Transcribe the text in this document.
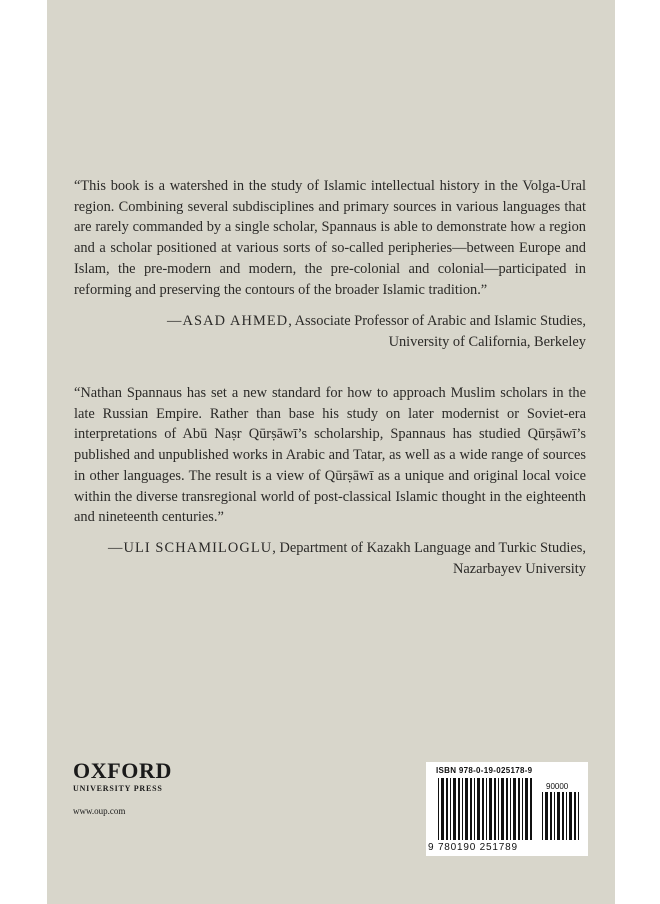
“This book is a watershed in the study of Islamic intellectual history in the Volga-Ural region. Combining several subdisciplines and primary sources in various languages that are rarely commanded by a single scholar, Spannaus is able to demonstrate how a region and a scholar positioned at various sorts of so-called peripheries—between Europe and Islam, the pre-modern and modern, the pre-colonial and colonial—participated in reforming and preserving the contours of the broader Islamic tradition.”

—ASAD AHMED, Associate Professor of Arabic and Islamic Studies,
University of California, Berkeley

“Nathan Spannaus has set a new standard for how to approach Muslim scholars in the late Russian Empire. Rather than base his study on later modernist or Soviet-era interpretations of Abū Naṣr Qūrṣāwī’s scholarship, Spannaus has studied Qūrṣāwī’s published and unpublished works in Arabic and Tatar, as well as a wide range of sources in other languages. The result is a view of Qūrṣāwī as a unique and original local voice within the diverse transregional world of post-classical Islamic thought in the eighteenth and nineteenth centuries.”

—ULI SCHAMILOGLU, Department of Kazakh Language and Turkic Studies,
Nazarbayev University
OXFORD
UNIVERSITY PRESS
www.oup.com
ISBN 978-0-19-025178-9
90000
9 780190 251789
